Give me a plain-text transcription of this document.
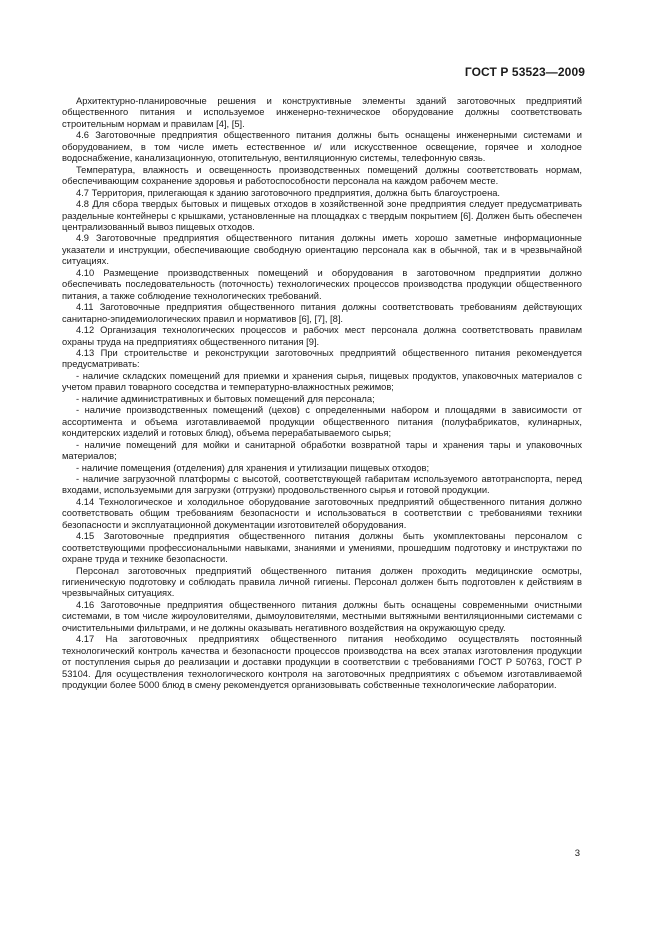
ГОСТ Р 53523—2009

Архитектурно-планировочные решения и конструктивные элементы зданий заготовочных предприятий общественного питания и используемое инженерно-техническое оборудование должны соответствовать строительным нормам и правилам [4], [5].

4.6 Заготовочные предприятия общественного питания должны быть оснащены инженерными системами и оборудованием, в том числе иметь естественное и/ или искусственное освещение, горячее и холодное водоснабжение, канализационную, отопительную, вентиляционную системы, телефонную связь.

Температура, влажность и освещенность производственных помещений должны соответствовать нормам, обеспечивающим сохранение здоровья и работоспособности персонала на каждом рабочем месте.

4.7 Территория, прилегающая к зданию заготовочного предприятия, должна быть благоустроена.

4.8 Для сбора твердых бытовых и пищевых отходов в хозяйственной зоне предприятия следует предусматривать раздельные контейнеры с крышками, установленные на площадках с твердым покрытием [6]. Должен быть обеспечен централизованный вывоз пищевых отходов.

4.9 Заготовочные предприятия общественного питания должны иметь хорошо заметные информационные указатели и инструкции, обеспечивающие свободную ориентацию персонала как в обычной, так и в чрезвычайной ситуациях.

4.10 Размещение производственных помещений и оборудования в заготовочном предприятии должно обеспечивать последовательность (поточность) технологических процессов производства продукции общественного питания, а также соблюдение технологических требований.

4.11 Заготовочные предприятия общественного питания должны соответствовать требованиям действующих санитарно-эпидемиологических правил и нормативов [6], [7], [8].

4.12 Организация технологических процессов и рабочих мест персонала должна соответствовать правилам охраны труда на предприятиях общественного питания [9].

4.13 При строительстве и реконструкции заготовочных предприятий общественного питания рекомендуется предусматривать:

- наличие складских помещений для приемки и хранения сырья, пищевых продуктов, упаковочных материалов с учетом правил товарного соседства и температурно-влажностных режимов;

- наличие административных и бытовых помещений для персонала;

- наличие производственных помещений (цехов) с определенными набором и площадями в зависимости от ассортимента и объема изготавливаемой продукции общественного питания (полуфабрикатов, кулинарных, кондитерских изделий и готовых блюд), объема перерабатываемого сырья;

- наличие помещений для мойки и санитарной обработки возвратной тары и хранения тары и упаковочных материалов;

- наличие помещения (отделения) для хранения и утилизации пищевых отходов;

- наличие загрузочной платформы с высотой, соответствующей габаритам используемого автотранспорта, перед входами, используемыми для загрузки (отгрузки) продовольственного сырья и готовой продукции.

4.14 Технологическое и холодильное оборудование заготовочных предприятий общественного питания должно соответствовать общим требованиям безопасности и использоваться в соответствии с требованиями техники безопасности и эксплуатационной документации изготовителей оборудования.

4.15 Заготовочные предприятия общественного питания должны быть укомплектованы персоналом с соответствующими профессиональными навыками, знаниями и умениями, прошедшим подготовку и инструктажи по охране труда и технике безопасности.

Персонал заготовочных предприятий общественного питания должен проходить медицинские осмотры, гигиеническую подготовку и соблюдать правила личной гигиены. Персонал должен быть подготовлен к действиям в чрезвычайных ситуациях.

4.16 Заготовочные предприятия общественного питания должны быть оснащены современными очистными системами, в том числе жироуловителями, дымоуловителями, местными вытяжными вентиляционными системами с очистительными фильтрами, и не должны оказывать негативного воздействия на окружающую среду.

4.17 На заготовочных предприятиях общественного питания необходимо осуществлять постоянный технологический контроль качества и безопасности процессов производства на всех этапах изготовления продукции от поступления сырья до реализации и доставки продукции в соответствии с требованиями ГОСТ Р 50763, ГОСТ Р 53104. Для осуществления технологического контроля на заготовочных предприятиях с объемом изготавливаемой продукции более 5000 блюд в смену рекомендуется организовывать собственные технологические лаборатории.

3
